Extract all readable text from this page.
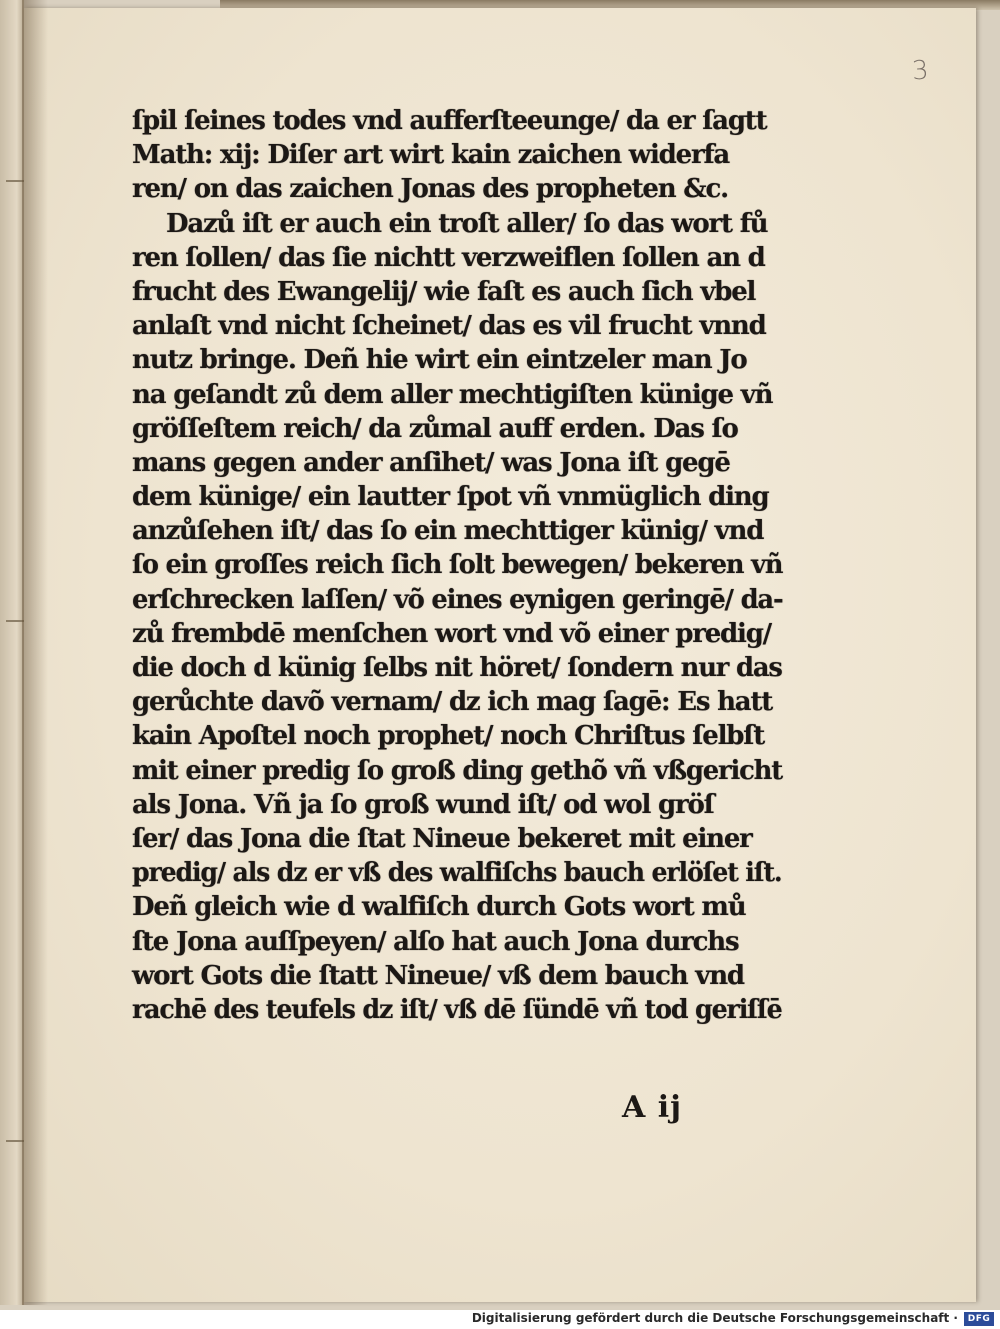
3
ſpil ſeines todes vnd aufferſteeunge/ da er ſagtt
Math: xij: Diſer art wirt kain zaichen widerfa
ren/ on das zaichen Jonas des propheten &c.
Dazů iſt er auch ein troſt aller/ ſo das wort fů
ren ſollen/ das ſie nichtt verzweiflen ſollen an d
frucht des Ewangelij/ wie faſt es auch ſich vbel
anlaſt vnd nicht ſcheinet/ das es vil frucht vnnd
nutz bringe. Deñ hie wirt ein eintzeler man Jo
na geſandt zů dem aller mechtigiſten künige vñ
gröſſeſtem reich/ da zůmal auff erden. Das ſo
mans gegen ander anſihet/ was Jona iſt gegē
dem künige/ ein lautter ſpot vñ vnmüglich ding
anzůſehen iſt/ das ſo ein mechttiger künig/ vnd
ſo ein groſſes reich ſich ſolt bewegen/ bekeren vñ
erſchrecken laſſen/ võ eines eynigen geringē/ da-
zů frembdē menſchen wort vnd võ einer predig/
die doch d künig ſelbs nit höret/ ſondern nur das
gerůchte davõ vernam/ dz ich mag ſagē: Es hatt
kain Apoſtel noch prophet/ noch Chriſtus ſelbſt
mit einer predig ſo groß ding gethõ vñ vßgericht
als Jona. Vñ ja ſo groß wund iſt/ od wol gröſ
ſer/ das Jona die ſtat Nineue bekeret mit einer
predig/ als dz er vß des walfiſchs bauch erlöſet iſt.
Deñ gleich wie d walfiſch durch Gots wort mů
ſte Jona auſſpeyen/ alſo hat auch Jona durchs
wort Gots die ſtatt Nineue/ vß dem bauch vnd
rachē des teufels dz iſt/ vß dē ſündē vñ tod geriſſē
A ij
Digitalisierung gefördert durch die Deutsche Forschungsgemeinschaft ·	DFG
